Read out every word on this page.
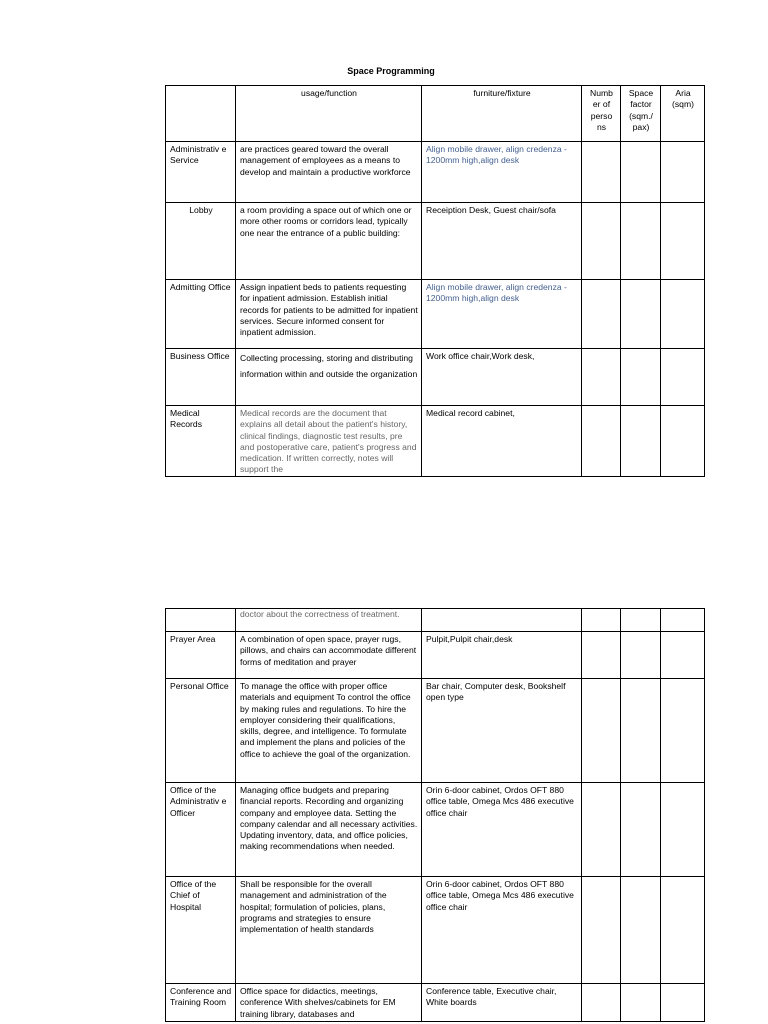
Space Programming
	usage/function	furniture/fixture	Numb er of perso ns	Space factor (sqm./ pax)	Aria (sqm)
Administrativ e Service	are practices geared toward the overall management of employees as a means to develop and maintain a productive workforce	Align mobile drawer, align credenza - 1200mm high,align desk			
Lobby	a room providing a space out of which one or more other rooms or corridors lead, typically one near the entrance of a public building:	Receiption Desk, Guest chair/sofa			
Admitting Office	Assign inpatient beds to patients requesting for inpatient admission. Establish initial records for patients to be admitted for inpatient services. Secure informed consent for inpatient admission.	Align mobile drawer, align credenza - 1200mm high,align desk			
Business Office	Collecting processing, storing and distributing information within and outside the organization	Work office chair,Work desk,			
Medical Records	Medical records are the document that explains all detail about the patient's history, clinical findings, diagnostic test results, pre and postoperative care, patient's progress and medication. If written correctly, notes will support the	Medical record cabinet,			
	doctor about the correctness of treatment.				
Prayer Area	A combination of open space, prayer rugs, pillows, and chairs can accommodate different forms of meditation and prayer	Pulpit,Pulpit chair,desk			
Personal Office	To manage the office with proper office materials and equipment To control the office by making rules and regulations. To hire the employer considering their qualifications, skills, degree, and intelligence. To formulate and implement the plans and policies of the office to achieve the goal of the organization.	Bar chair, Computer desk, Bookshelf open type			
Office of the Administrativ e Officer	Managing office budgets and preparing financial reports. Recording and organizing company and employee data. Setting the company calendar and all necessary activities. Updating inventory, data, and office policies, making recommendations when needed.	Orin 6-door cabinet, Ordos OFT 880 office table, Omega Mcs 486 executive office chair			
Office of the Chief of Hospital	Shall be responsible for the overall management and administration of the hospital; formulation of policies, plans, programs and strategies to ensure implementation of health standards	Orin 6-door cabinet, Ordos OFT 880 office table, Omega Mcs 486 executive office chair			
Conference and Training Room	Office space for didactics, meetings, conference With shelves/cabinets for EM training library, databases and	Conference table, Executive chair, White boards			
